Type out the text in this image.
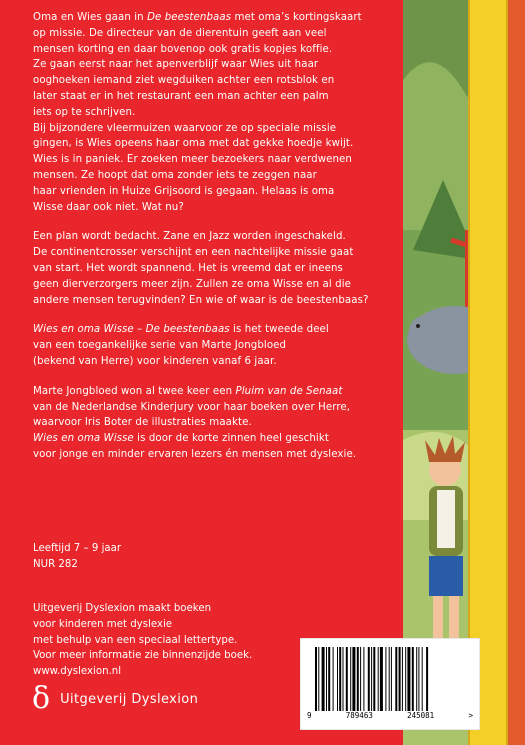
Oma en Wies gaan in De beestenbaas met oma’s kortingskaart
op missie. De directeur van de dierentuin geeft aan veel
mensen korting en daar bovenop ook gratis kopjes koffie.
Ze gaan eerst naar het apenverblijf waar Wies uit haar
ooghoeken iemand ziet wegduiken achter een rotsblok en
later staat er in het restaurant een man achter een palm
iets op te schrijven.
Bij bijzondere vleermuizen waarvoor ze op speciale missie
gingen, is Wies opeens haar oma met dat gekke hoedje kwijt.
Wies is in paniek. Er zoeken meer bezoekers naar verdwenen
mensen. Ze hoopt dat oma zonder iets te zeggen naar
haar vrienden in Huize Grijsoord is gegaan. Helaas is oma
Wisse daar ook niet. Wat nu?

Een plan wordt bedacht. Zane en Jazz worden ingeschakeld.
De continentcrosser verschijnt en een nachtelijke missie gaat
van start. Het wordt spannend. Het is vreemd dat er ineens
geen dierverzorgers meer zijn. Zullen ze oma Wisse en al die
andere mensen terugvinden? En wie of waar is de beestenbaas?

Wies en oma Wisse – De beestenbaas is het tweede deel
van een toegankelijke serie van Marte Jongbloed
(bekend van Herre) voor kinderen vanaf 6 jaar.

Marte Jongbloed won al twee keer een Pluim van de Senaat
van de Nederlandse Kinderjury voor haar boeken over Herre,
waarvoor Iris Boter de illustraties maakte.
Wies en oma Wisse is door de korte zinnen heel geschikt
voor jonge en minder ervaren lezers én mensen met dyslexie.

Leeftijd 7 – 9 jaar
NUR 282
Uitgeverij Dyslexion maakt boeken
voor kinderen met dyslexie
met behulp van een speciaal lettertype.
Voor meer informatie zie binnenzijde boek.
www.dyslexion.nl
δ Uitgeverij Dyslexion
9	789463	245081	>
